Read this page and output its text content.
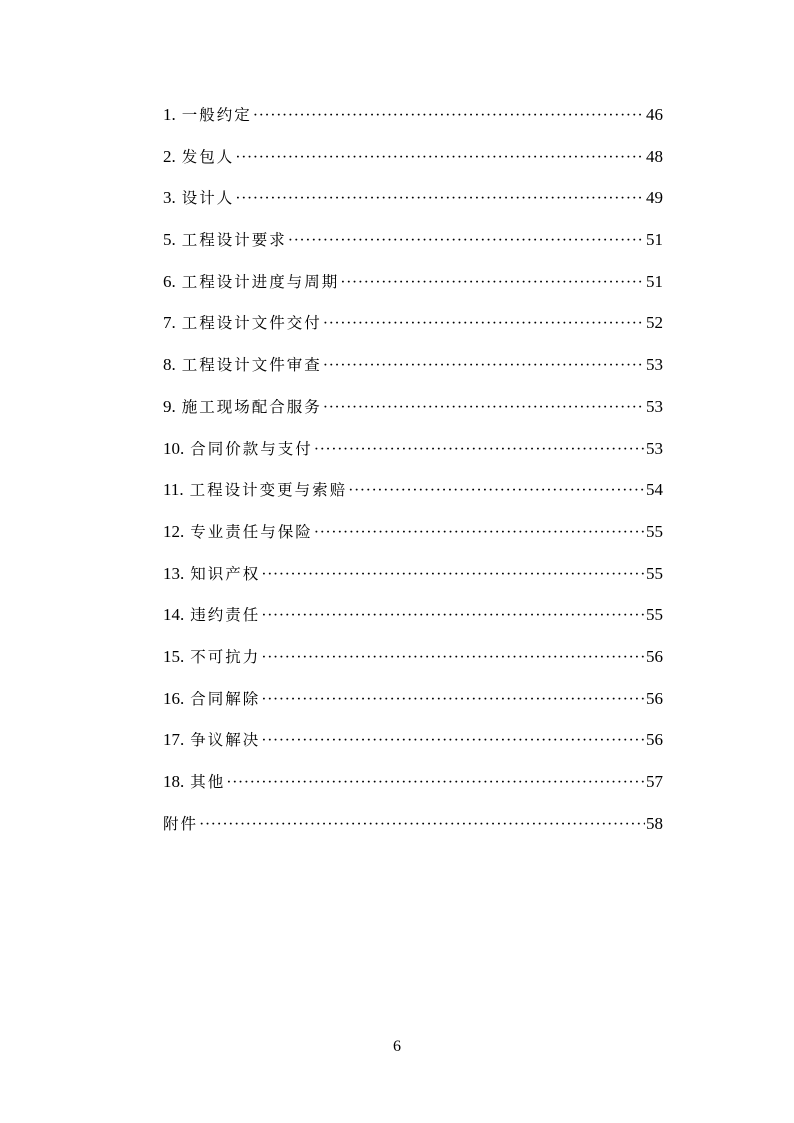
1. 一般约定 ·····	46
2. 发包人 ·····	48
3. 设计人 ·····	49
5. 工程设计要求 ·····	51
6. 工程设计进度与周期 ·····	51
7. 工程设计文件交付 ·····	52
8. 工程设计文件审查 ·····	53
9. 施工现场配合服务 ·····	53
10. 合同价款与支付 ·····	53
11. 工程设计变更与索赔 ·····	54
12. 专业责任与保险 ·····	55
13. 知识产权 ·····	55
14. 违约责任 ·····	55
15. 不可抗力 ·····	56
16. 合同解除 ·····	56
17. 争议解决 ·····	56
18. 其他 ·····	57
附件 ·····	58
6
